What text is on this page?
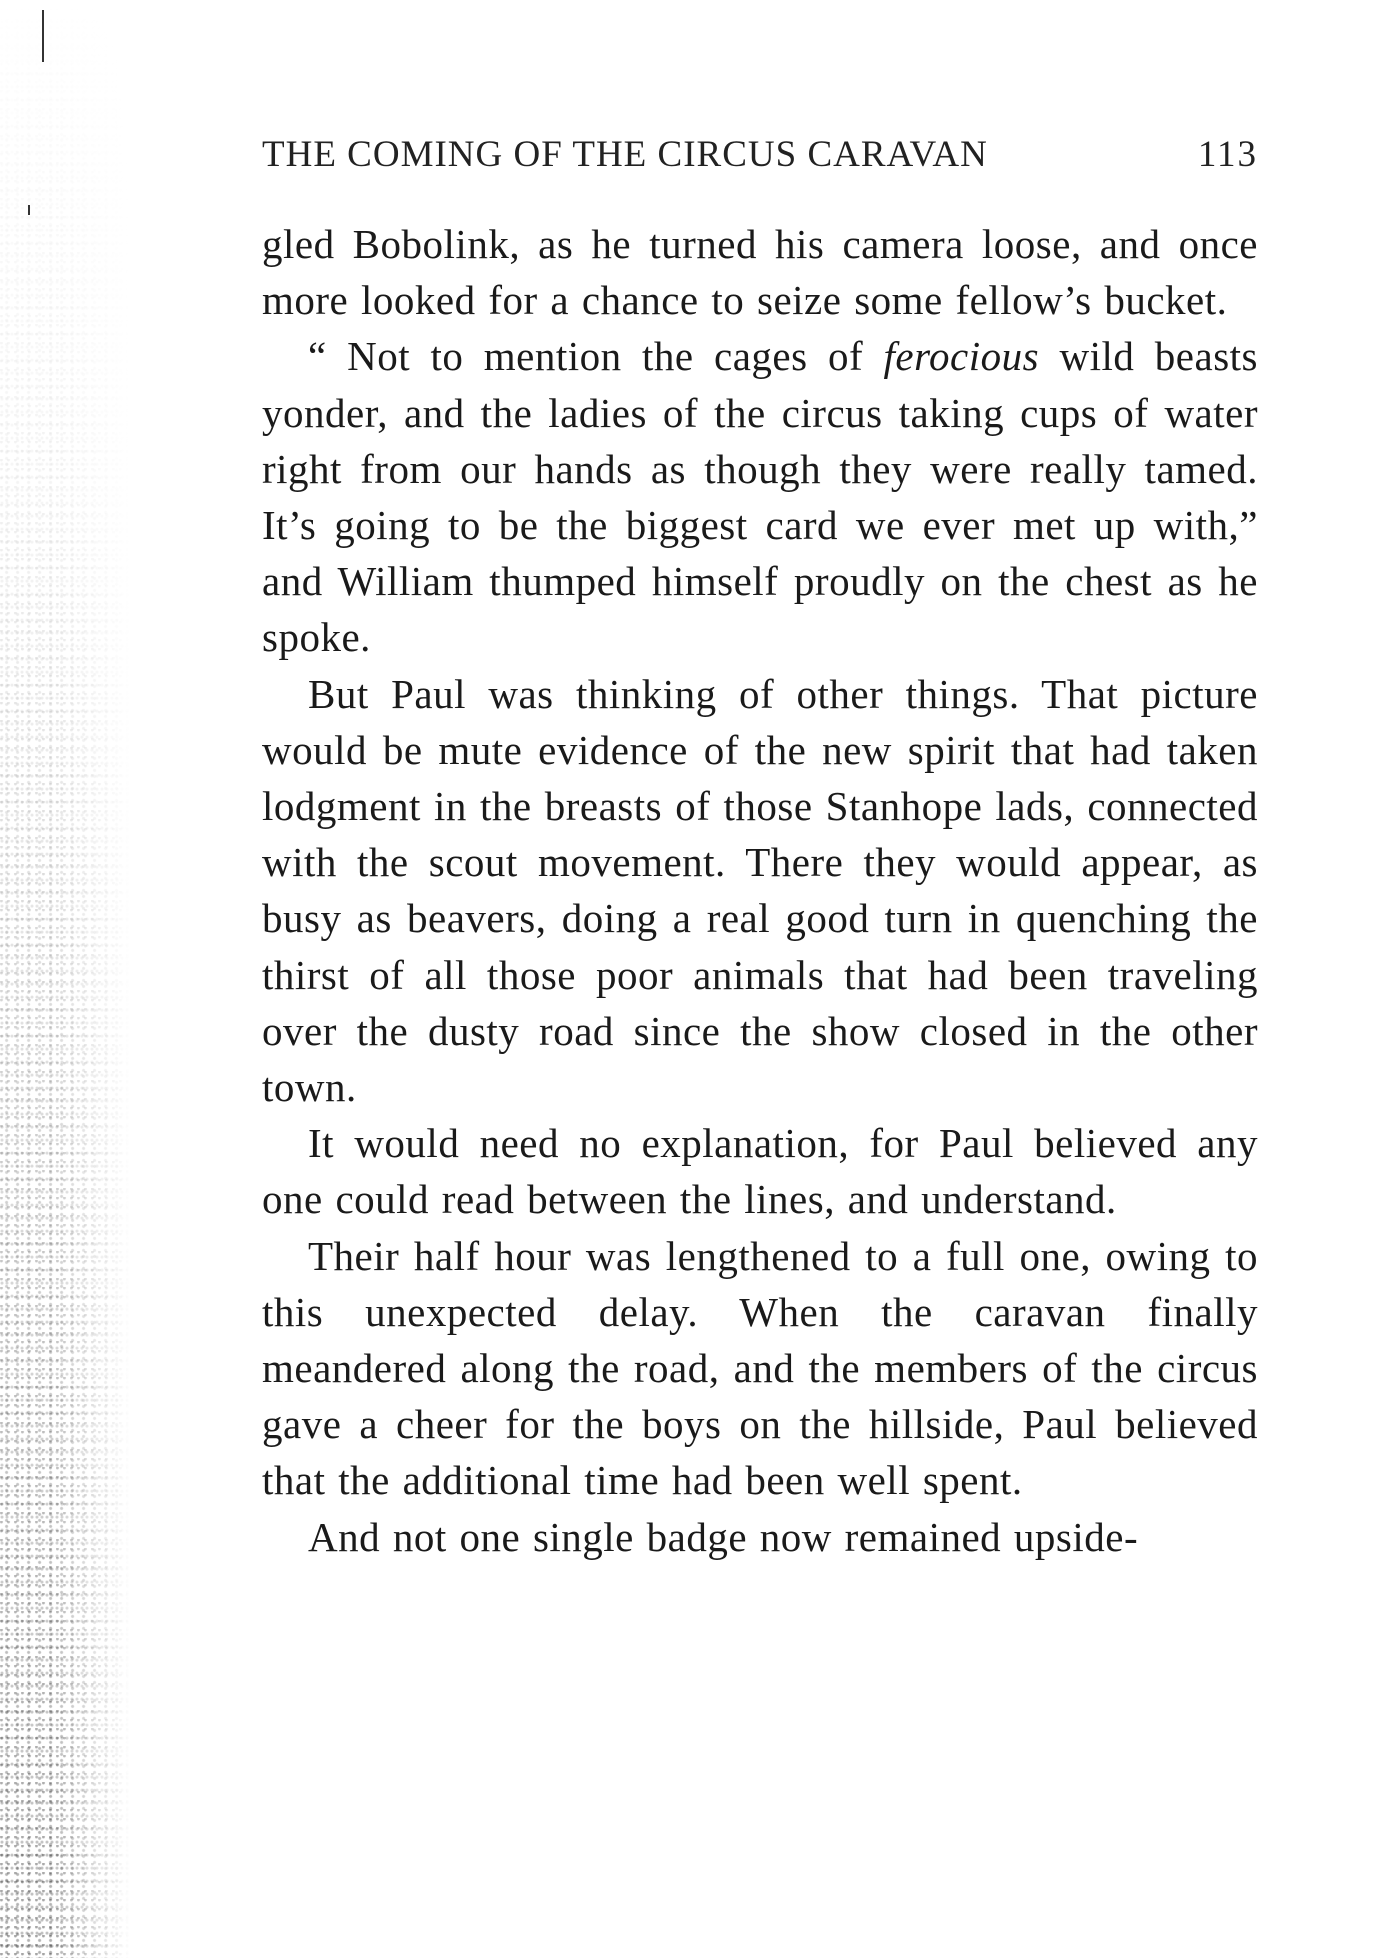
THE COMING OF THE CIRCUS CARAVAN	113

gled Bobolink, as he turned his camera loose, and once more looked for a chance to seize some fellow’s bucket.

“ Not to mention the cages of ferocious wild beasts yonder, and the ladies of the circus taking cups of water right from our hands as though they were really tamed. It’s going to be the biggest card we ever met up with,” and William thumped himself proudly on the chest as he spoke.

But Paul was thinking of other things. That picture would be mute evidence of the new spirit that had taken lodgment in the breasts of those Stanhope lads, connected with the scout movement. There they would appear, as busy as beavers, doing a real good turn in quenching the thirst of all those poor animals that had been traveling over the dusty road since the show closed in the other town.

It would need no explanation, for Paul believed any one could read between the lines, and understand.

Their half hour was lengthened to a full one, owing to this unexpected delay. When the caravan finally meandered along the road, and the members of the circus gave a cheer for the boys on the hillside, Paul believed that the additional time had been well spent.

And not one single badge now remained upside-
